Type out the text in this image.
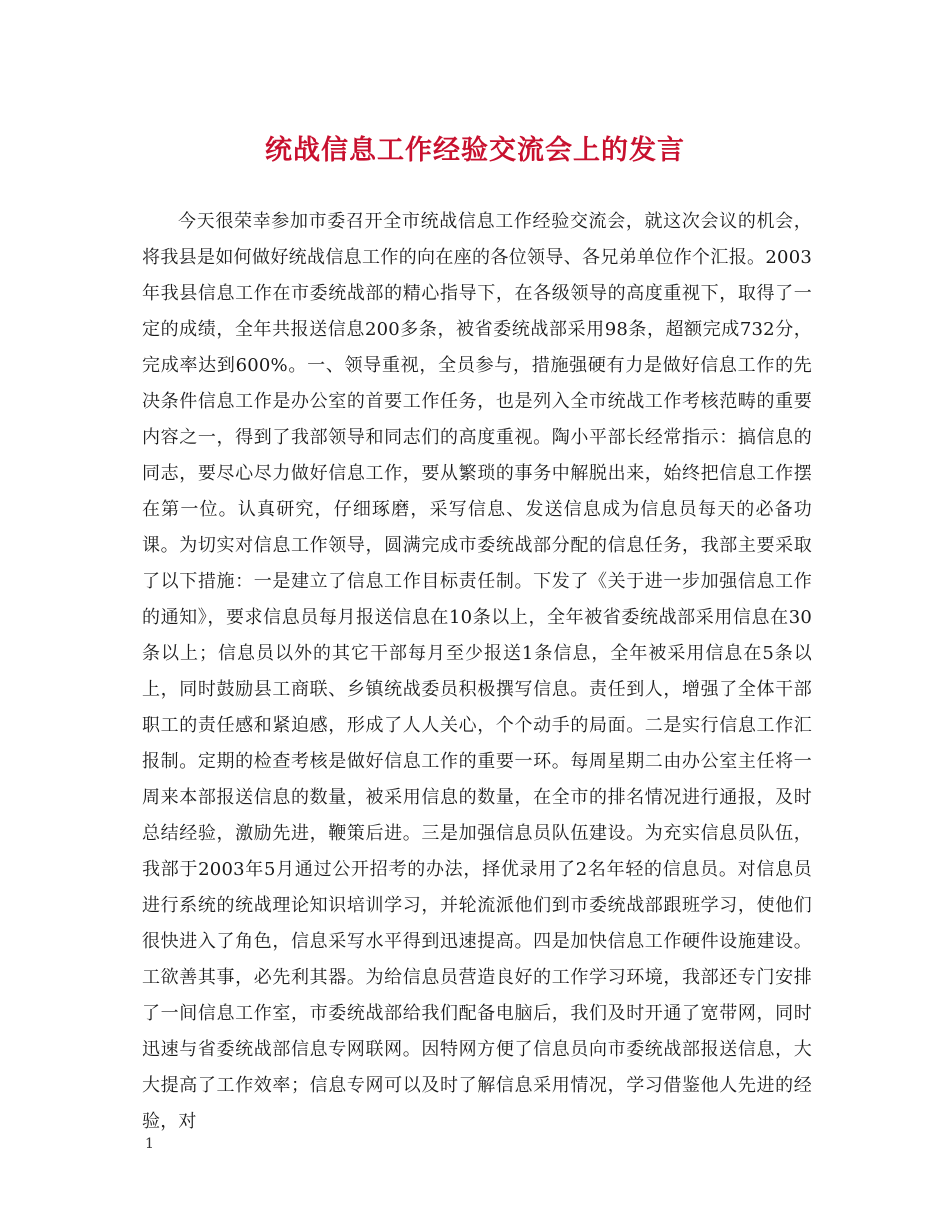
统战信息工作经验交流会上的发言

今天很荣幸参加市委召开全市统战信息工作经验交流会，就这次会议的机会，将我县是如何做好统战信息工作的向在座的各位领导、各兄弟单位作个汇报。2003年我县信息工作在市委统战部的精心指导下，在各级领导的高度重视下，取得了一定的成绩，全年共报送信息200多条，被省委统战部采用98条，超额完成732分，完成率达到600%。一、领导重视，全员参与，措施强硬有力是做好信息工作的先决条件信息工作是办公室的首要工作任务，也是列入全市统战工作考核范畴的重要内容之一，得到了我部领导和同志们的高度重视。陶小平部长经常指示：搞信息的同志，要尽心尽力做好信息工作，要从繁琐的事务中解脱出来，始终把信息工作摆在第一位。认真研究，仔细琢磨，采写信息、发送信息成为信息员每天的必备功课。为切实对信息工作领导，圆满完成市委统战部分配的信息任务，我部主要采取了以下措施：一是建立了信息工作目标责任制。下发了《关于进一步加强信息工作的通知》，要求信息员每月报送信息在10条以上，全年被省委统战部采用信息在30条以上；信息员以外的其它干部每月至少报送1条信息，全年被采用信息在5条以上，同时鼓励县工商联、乡镇统战委员积极撰写信息。责任到人，增强了全体干部职工的责任感和紧迫感，形成了人人关心，个个动手的局面。二是实行信息工作汇报制。定期的检查考核是做好信息工作的重要一环。每周星期二由办公室主任将一周来本部报送信息的数量，被采用信息的数量，在全市的排名情况进行通报，及时总结经验，激励先进，鞭策后进。三是加强信息员队伍建设。为充实信息员队伍，我部于2003年5月通过公开招考的办法，择优录用了2名年轻的信息员。对信息员进行系统的统战理论知识培训学习，并轮流派他们到市委统战部跟班学习，使他们很快进入了角色，信息采写水平得到迅速提高。四是加快信息工作硬件设施建设。工欲善其事，必先利其器。为给信息员营造良好的工作学习环境，我部还专门安排了一间信息工作室，市委统战部给我们配备电脑后，我们及时开通了宽带网，同时迅速与省委统战部信息专网联网。因特网方便了信息员向市委统战部报送信息，大大提高了工作效率；信息专网可以及时了解信息采用情况，学习借鉴他人先进的经验，对

1
